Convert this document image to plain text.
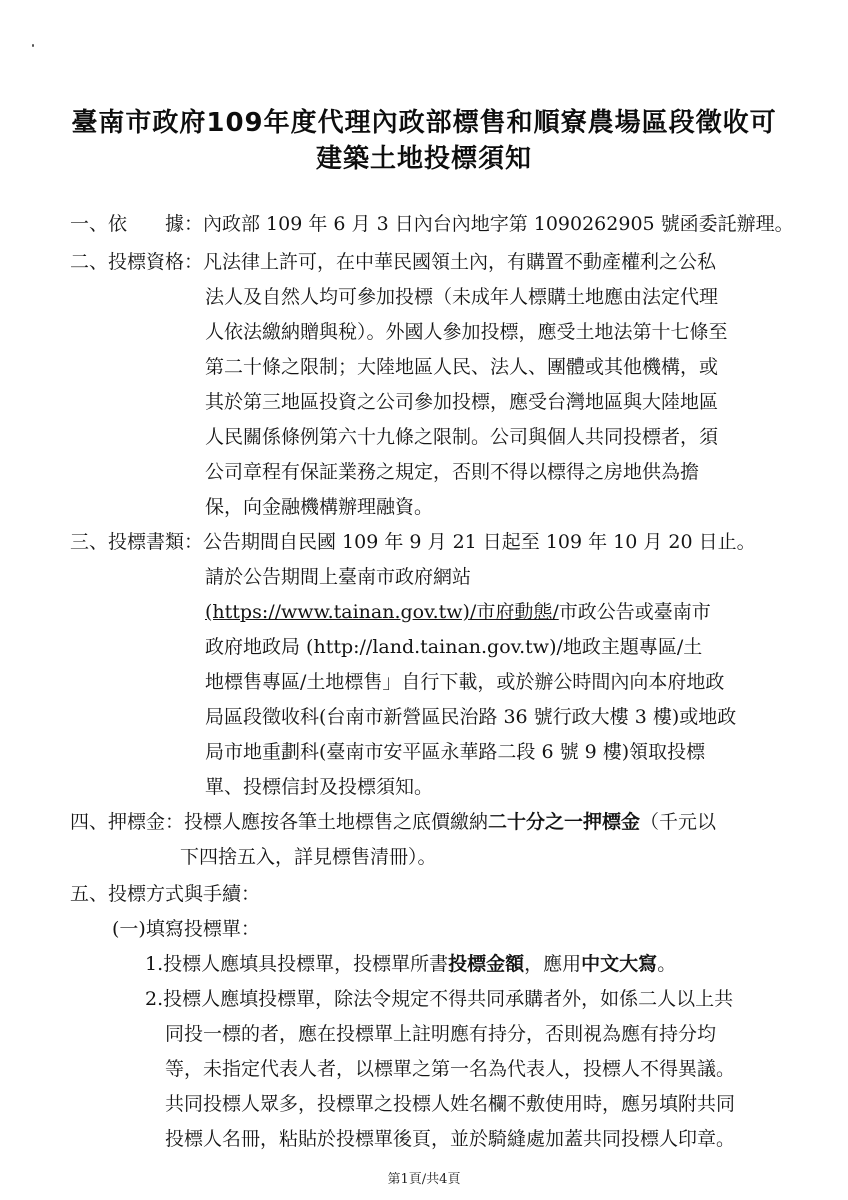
臺南市政府109年度代理內政部標售和順寮農場區段徵收可
建築土地投標須知
一、依　　據：內政部 109 年 6 月 3 日內台內地字第 1090262905 號函委託辦理。
二、投標資格：凡法律上許可，在中華民國領土內，有購置不動產權利之公私
法人及自然人均可參加投標（未成年人標購土地應由法定代理
人依法繳納贈與稅）。外國人參加投標，應受土地法第十七條至
第二十條之限制；大陸地區人民、法人、團體或其他機構，或
其於第三地區投資之公司參加投標，應受台灣地區與大陸地區
人民關係條例第六十九條之限制。公司與個人共同投標者，須
公司章程有保証業務之規定，否則不得以標得之房地供為擔
保，向金融機構辦理融資。
三、投標書類：公告期間自民國 109 年 9 月 21 日起至 109 年 10 月 20 日止。
請於公告期間上臺南市政府網站
(https://www.tainan.gov.tw)/市府動態/市政公告或臺南市
政府地政局 (http://land.tainan.gov.tw)/地政主題專區/土
地標售專區/土地標售」自行下載，或於辦公時間內向本府地政
局區段徵收科(台南市新營區民治路 36 號行政大樓 3 樓)或地政
局市地重劃科(臺南市安平區永華路二段 6 號 9 樓)領取投標
單、投標信封及投標須知。
四、押標金：投標人應按各筆土地標售之底價繳納二十分之一押標金（千元以
下四捨五入，詳見標售清冊）。
五、投標方式與手續：
(一)填寫投標單：
1.投標人應填具投標單，投標單所書投標金額，應用中文大寫。
2.投標人應填投標單，除法令規定不得共同承購者外，如係二人以上共
同投一標的者，應在投標單上註明應有持分，否則視為應有持分均
等，未指定代表人者，以標單之第一名為代表人，投標人不得異議。
共同投標人眾多，投標單之投標人姓名欄不敷使用時，應另填附共同
投標人名冊，粘貼於投標單後頁，並於騎縫處加蓋共同投標人印章。
第1頁/共4頁
